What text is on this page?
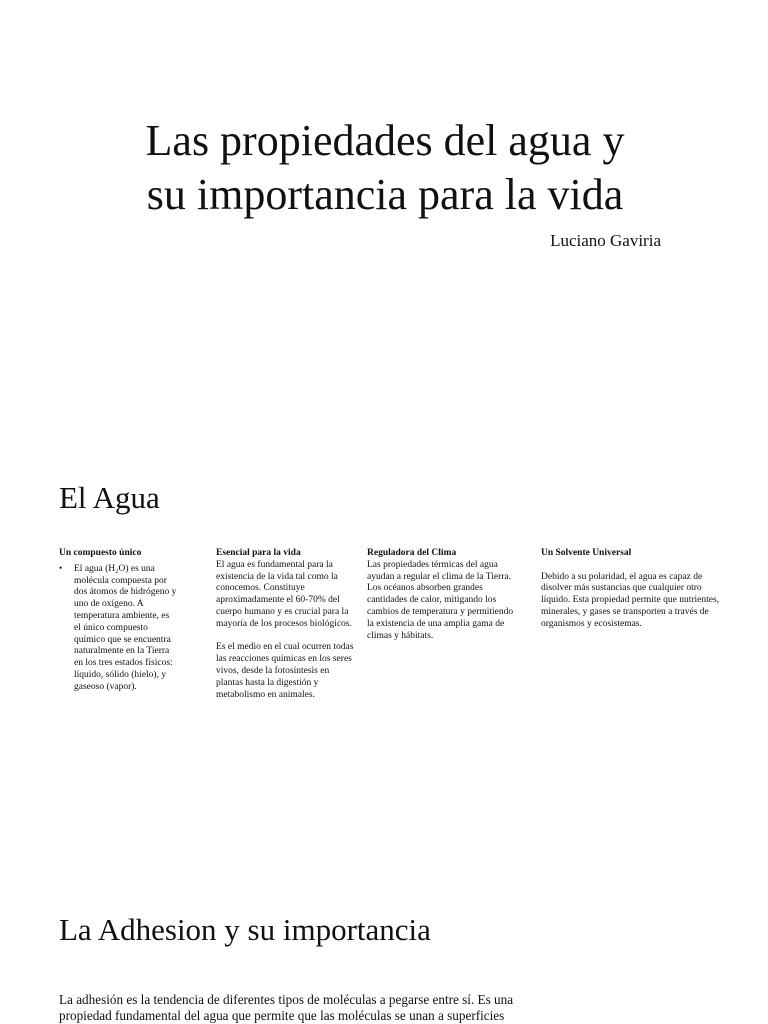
Las propiedades del agua y
su importancia para la vida
Luciano Gaviria
El Agua

Un compuesto único

• El agua (H₂O) es una molécula compuesta por dos átomos de hidrógeno y uno de oxígeno. A temperatura ambiente, es el único compuesto químico que se encuentra naturalmente en la Tierra en los tres estados físicos: líquido, sólido (hielo), y gaseoso (vapor).

Esencial para la vida

El agua es fundamental para la existencia de la vida tal como la conocemos. Constituye aproximadamente el 60-70% del cuerpo humano y es crucial para la mayoría de los procesos biológicos.

Es el medio en el cual ocurren todas las reacciones químicas en los seres vivos, desde la fotosíntesis en plantas hasta la digestión y metabolismo en animales.

Reguladora del Clima

Las propiedades térmicas del agua ayudan a regular el clima de la Tierra. Los océanos absorben grandes cantidades de calor, mitigando los cambios de temperatura y permitiendo la existencia de una amplia gama de climas y hábitats.

Un Solvente Universal

Debido a su polaridad, el agua es capaz de disolver más sustancias que cualquier otro líquido. Esta propiedad permite que nutrientes, minerales, y gases se transporten a través de organismos y ecosistemas.

La Adhesion y su importancia

La adhesión es la tendencia de diferentes tipos de moléculas a pegarse entre sí. Es una propiedad fundamental del agua que permite que las moléculas se unan a superficies
